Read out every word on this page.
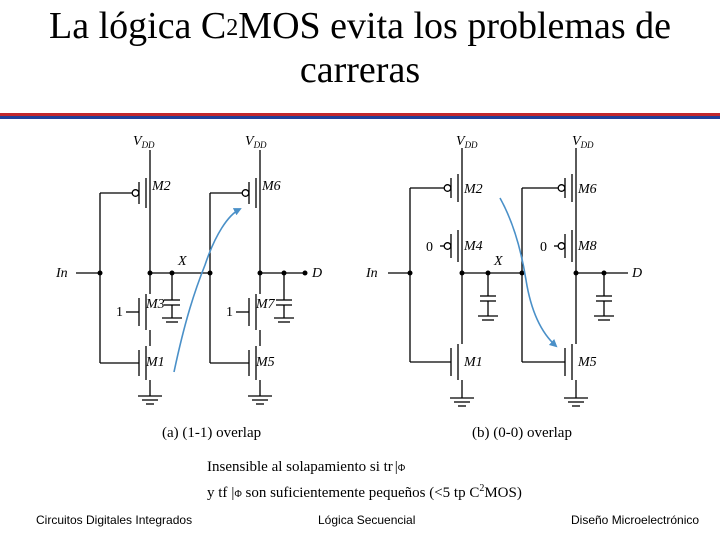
La lógica $C^2MOS$ evita los problemas de
carreras
$V_{DD}$	$V_{DD}$
M2	M6
In
X
D
M3	M7
M1	M5
1	1
$V_{DD}$	$V_{DD}$
M2	M6
M4	M8
In
X
D
M1	M5
0	0
(a) (1-1) overlap	(b) (0-0) overlap
Insensible al solapamiento si tr |Φ
y tf |Φ son suficientemente pequeños (<5 tp $C^2MOS$)
Circuitos Digitales Integrados	Lógica Secuencial	Diseño Microelectrónico
